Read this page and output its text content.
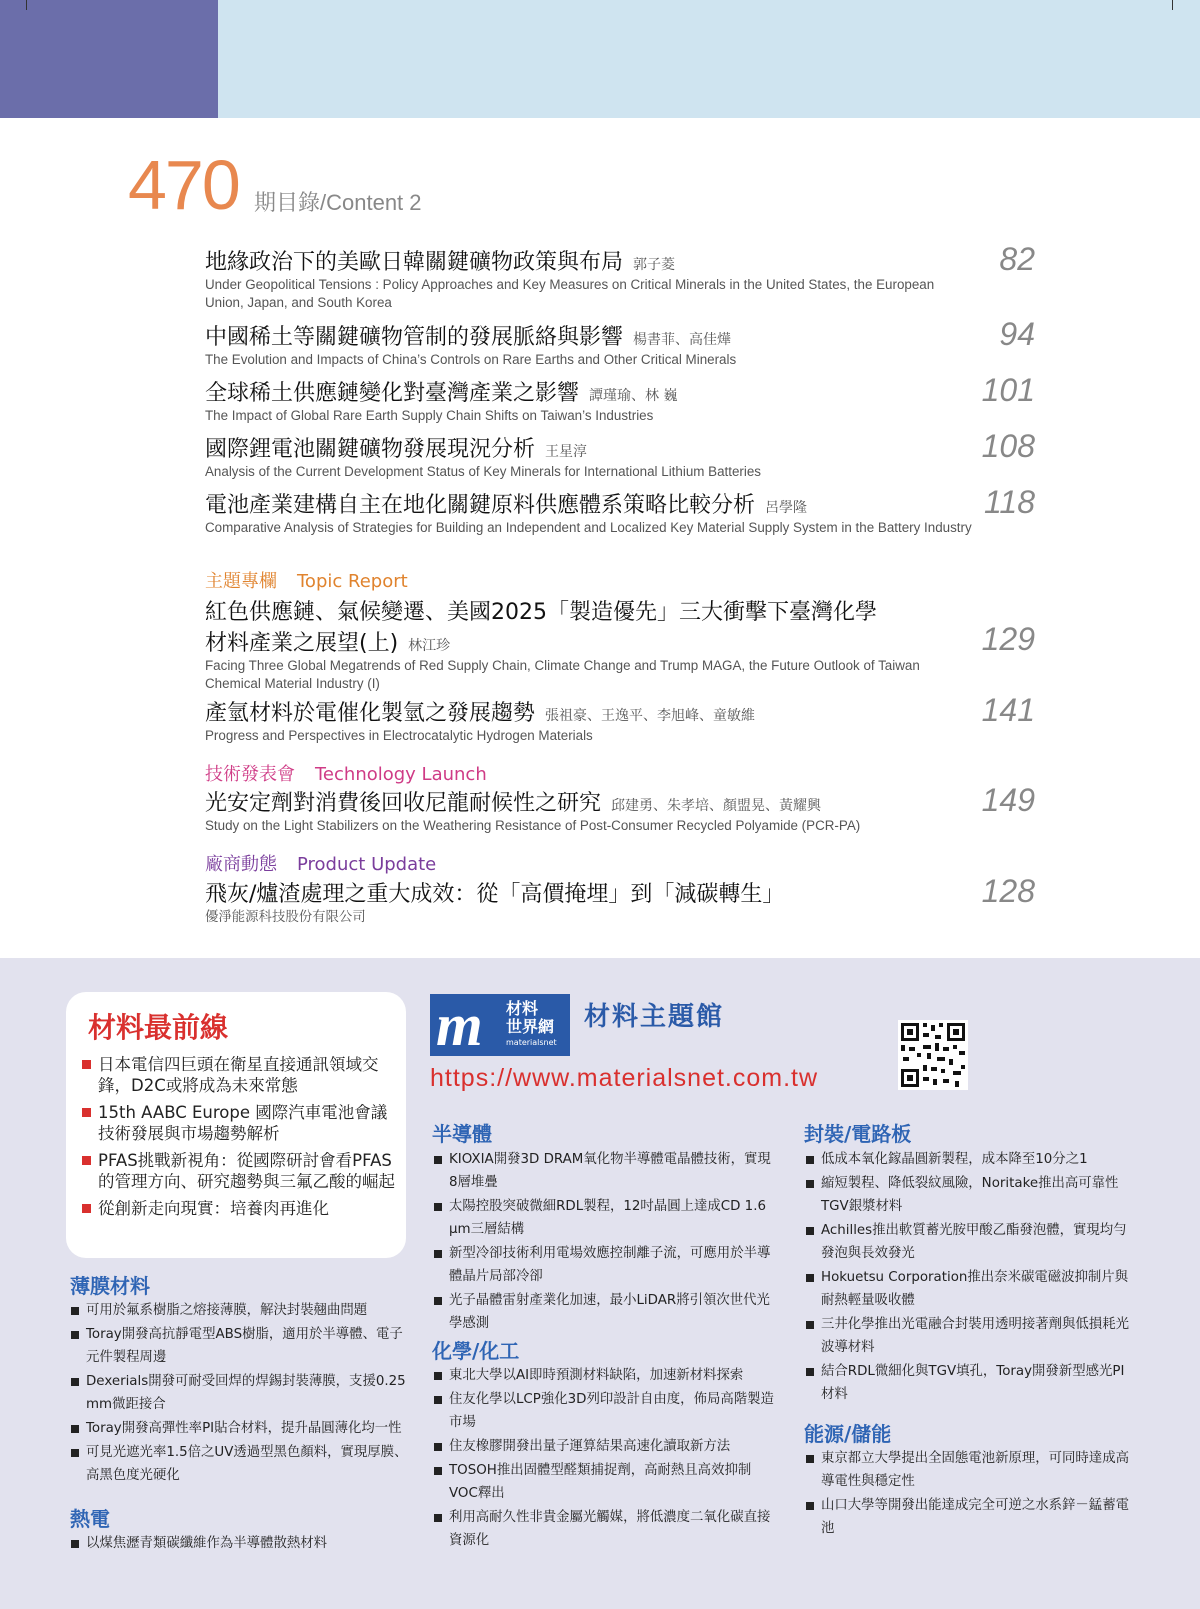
470 期目錄/Content 2
地緣政治下的美歐日韓關鍵礦物政策與布局 郭子菱
Under Geopolitical Tensions : Policy Approaches and Key Measures on Critical Minerals in the United States, the European Union, Japan, and South Korea
82
中國稀土等關鍵礦物管制的發展脈絡與影響 楊書菲、高佳燁
The Evolution and Impacts of China’s Controls on Rare Earths and Other Critical Minerals
94
全球稀土供應鏈變化對臺灣產業之影響 譚瑾瑜、林 巍
The Impact of Global Rare Earth Supply Chain Shifts on Taiwan’s Industries
101
國際鋰電池關鍵礦物發展現況分析 王星淳
Analysis of the Current Development Status of Key Minerals for International Lithium Batteries
108
電池產業建構自主在地化關鍵原料供應體系策略比較分析 呂學隆
Comparative Analysis of Strategies for Building an Independent and Localized Key Material Supply System in the Battery Industry
118
主題專欄 Topic Report
紅色供應鏈、氣候變遷、美國2025「製造優先」三大衝擊下臺灣化學
材料產業之展望(上) 林江珍
Facing Three Global Megatrends of Red Supply Chain, Climate Change and Trump MAGA, the Future Outlook of Taiwan Chemical Material Industry (I)
129
產氫材料於電催化製氫之發展趨勢 張祖豪、王逸平、李旭峰、童敏維
Progress and Perspectives in Electrocatalytic Hydrogen Materials
141
技術發表會 Technology Launch
光安定劑對消費後回收尼龍耐候性之研究 邱建勇、朱孝培、顏盟晃、黃耀興
Study on the Light Stabilizers on the Weathering Resistance of Post-Consumer Recycled Polyamide (PCR-PA)
149
廠商動態 Product Update
飛灰/爐渣處理之重大成效：從「高價掩埋」到「減碳轉生」
優淨能源科技股份有限公司
128
材料最前線
日本電信四巨頭在衛星直接通訊領域交鋒，D2C或將成為未來常態
15th AABC Europe 國際汽車電池會議技術發展與市場趨勢解析
PFAS挑戰新視角：從國際研討會看PFAS的管理方向、研究趨勢與三氟乙酸的崛起
從創新走向現實：培養肉再進化
m 材料
世界網
materialsnet
材料主題館
https://www.materialsnet.com.tw
薄膜材料
可用於氟系樹脂之熔接薄膜，解決封裝翹曲問題
Toray開發高抗靜電型ABS樹脂，適用於半導體、電子元件製程周邊
Dexerials開發可耐受回焊的焊錫封裝薄膜，支援0.25 mm微距接合
Toray開發高彈性率PI貼合材料，提升晶圓薄化均一性
可見光遮光率1.5倍之UV透過型黑色顏料，實現厚膜、高黑色度光硬化
熱電
以煤焦瀝青類碳纖維作為半導體散熱材料
半導體
KIOXIA開發3D DRAM氧化物半導體電晶體技術，實現8層堆疊
太陽控股突破微細RDL製程，12吋晶圓上達成CD 1.6 μm三層結構
新型冷卻技術利用電場效應控制離子流，可應用於半導體晶片局部冷卻
光子晶體雷射產業化加速，最小LiDAR將引領次世代光學感測
化學/化工
東北大學以AI即時預測材料缺陷，加速新材料探索
住友化學以LCP強化3D列印設計自由度，佈局高階製造市場
住友橡膠開發出量子運算結果高速化讀取新方法
TOSOH推出固體型醛類捕捉劑，高耐熱且高效抑制VOC釋出
利用高耐久性非貴金屬光觸媒，將低濃度二氧化碳直接資源化
封裝/電路板
低成本氧化鎵晶圓新製程，成本降至10分之1
縮短製程、降低裂紋風險，Noritake推出高可靠性TGV銀漿材料
Achilles推出軟質蓄光胺甲酸乙酯發泡體，實現均勻發泡與長效發光
Hokuetsu Corporation推出奈米碳電磁波抑制片與耐熱輕量吸收體
三井化學推出光電融合封裝用透明接著劑與低損耗光波導材料
結合RDL微細化與TGV填孔，Toray開發新型感光PI材料
能源/儲能
東京都立大學提出全固態電池新原理，可同時達成高導電性與穩定性
山口大學等開發出能達成完全可逆之水系鋅－錳蓄電池
